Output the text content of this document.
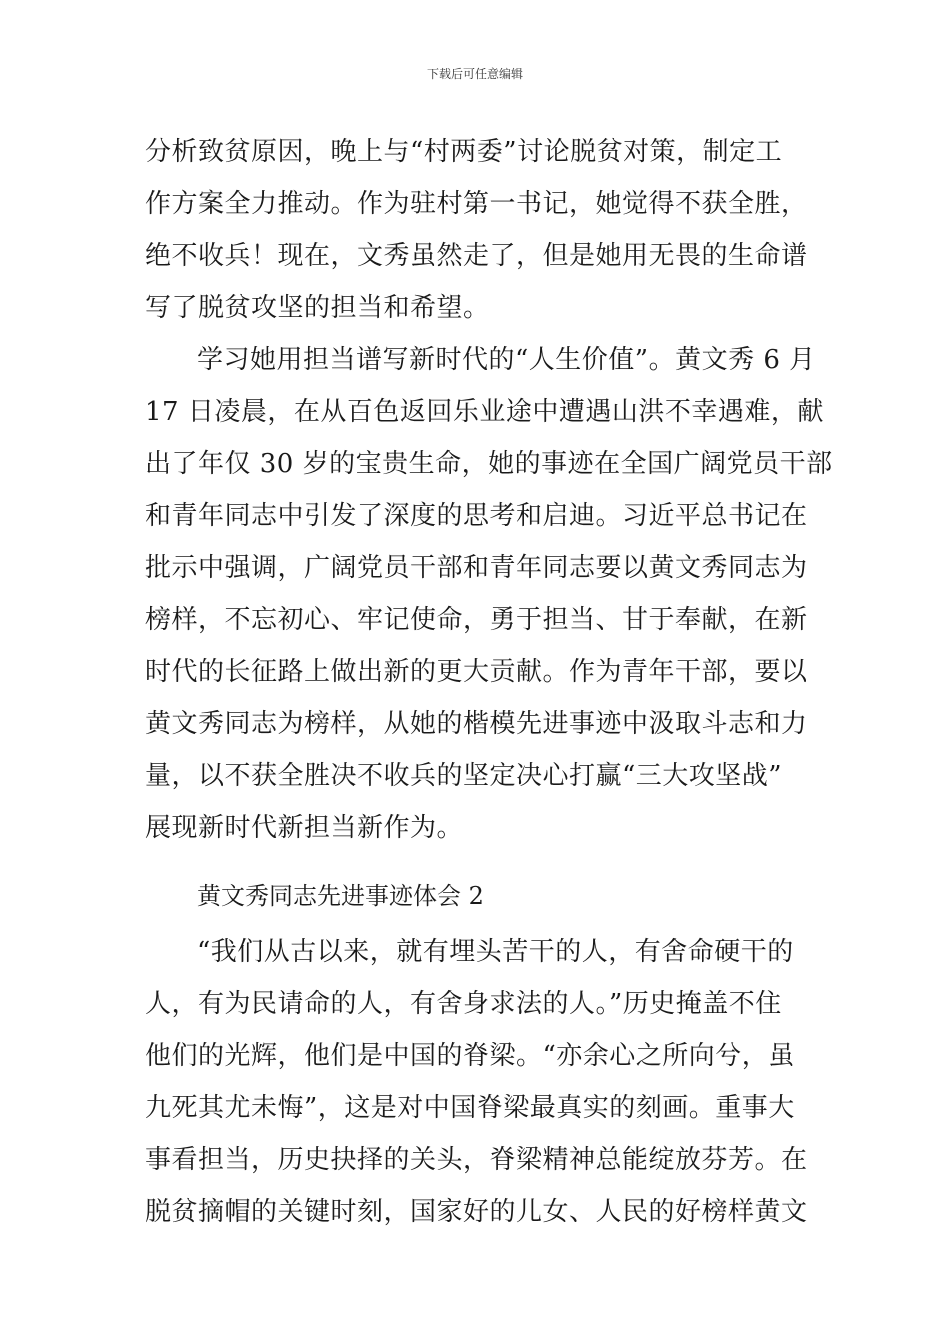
下载后可任意编辑
分析致贫原因，晚上与“村两委”讨论脱贫对策，制定工
作方案全力推动。作为驻村第一书记，她觉得不获全胜，
绝不收兵！现在，文秀虽然走了，但是她用无畏的生命谱
写了脱贫攻坚的担当和希望。
学习她用担当谱写新时代的“人生价值”。黄文秀 6 月
17 日凌晨，在从百色返回乐业途中遭遇山洪不幸遇难，献
出了年仅 30 岁的宝贵生命，她的事迹在全国广阔党员干部
和青年同志中引发了深度的思考和启迪。习近平总书记在
批示中强调，广阔党员干部和青年同志要以黄文秀同志为
榜样，不忘初心、牢记使命，勇于担当、甘于奉献，在新
时代的长征路上做出新的更大贡献。作为青年干部，要以
黄文秀同志为榜样，从她的楷模先进事迹中汲取斗志和力
量，以不获全胜决不收兵的坚定决心打赢“三大攻坚战”
展现新时代新担当新作为。
黄文秀同志先进事迹体会 2
“我们从古以来，就有埋头苦干的人，有舍命硬干的
人，有为民请命的人，有舍身求法的人。”历史掩盖不住
他们的光辉，他们是中国的脊梁。“亦余心之所向兮，虽
九死其尤未悔”，这是对中国脊梁最真实的刻画。重事大
事看担当，历史抉择的关头，脊梁精神总能绽放芬芳。在
脱贫摘帽的关键时刻，国家好的儿女、人民的好榜样黄文
